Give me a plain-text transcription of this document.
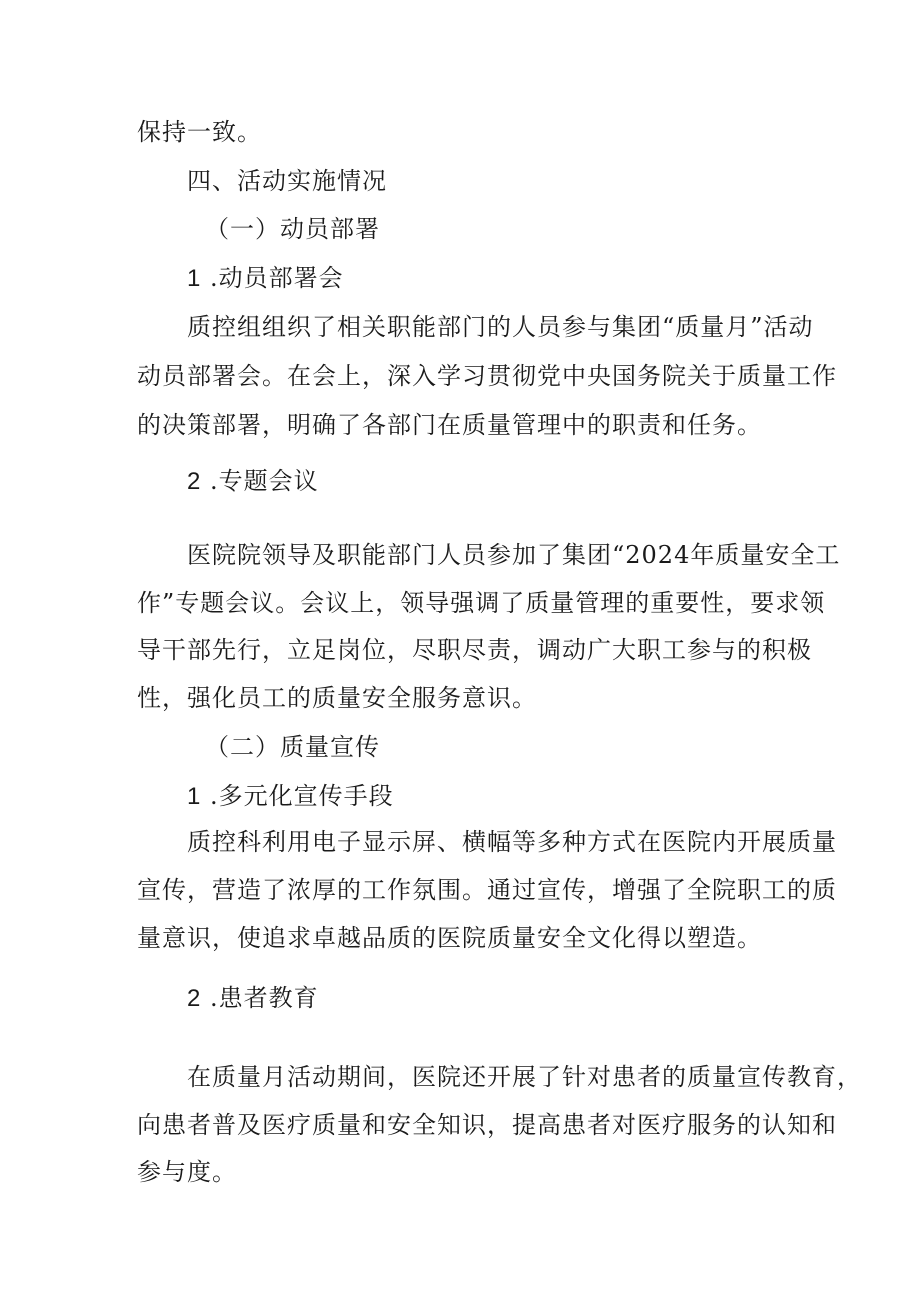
保持一致。
四、活动实施情况
（一）动员部署
1 .动员部署会
质控组组织了相关职能部门的人员参与集团“质量月”活动
动员部署会。在会上，深入学习贯彻党中央国务院关于质量工作
的决策部署，明确了各部门在质量管理中的职责和任务。
2 .专题会议
医院院领导及职能部门人员参加了集团“2024年质量安全工
作”专题会议。会议上，领导强调了质量管理的重要性，要求领
导干部先行，立足岗位，尽职尽责，调动广大职工参与的积极
性，强化员工的质量安全服务意识。
（二）质量宣传
1 .多元化宣传手段
质控科利用电子显示屏、横幅等多种方式在医院内开展质量
宣传，营造了浓厚的工作氛围。通过宣传，增强了全院职工的质
量意识，使追求卓越品质的医院质量安全文化得以塑造。
2 .患者教育
在质量月活动期间，医院还开展了针对患者的质量宣传教育，
向患者普及医疗质量和安全知识，提高患者对医疗服务的认知和
参与度。
